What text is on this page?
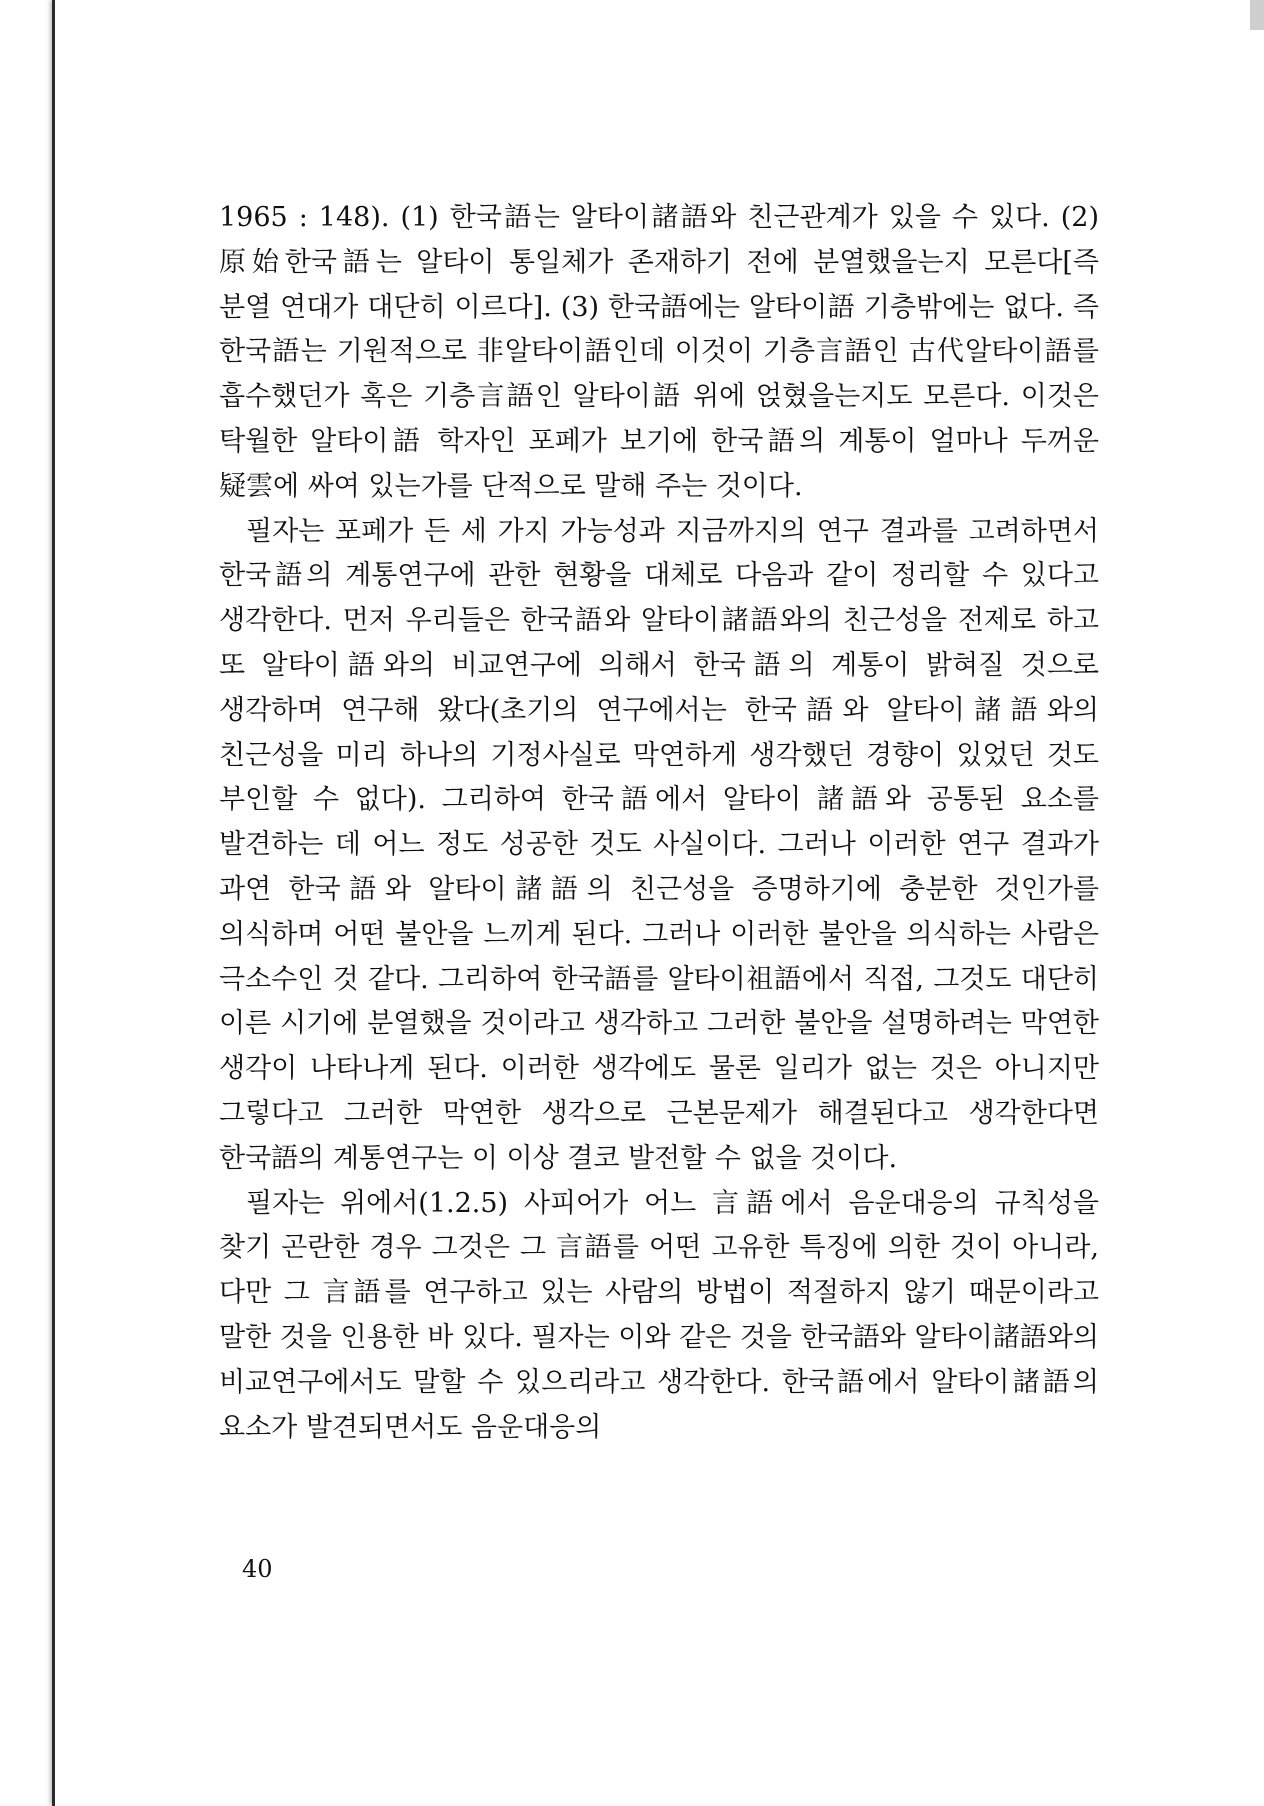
1965 : 148). (1) 한국語는 알타이諸語와 친근관계가 있을 수 있다. (2) 原始한국語는 알타이 통일체가 존재하기 전에 분열했을는지 모른다[즉 분열 연대가 대단히 이르다]. (3) 한국語에는 알타이語 기층밖에는 없다. 즉 한국語는 기원적으로 非알타이語인데 이것이 기층言語인 古代알타이語를 흡수했던가 혹은 기층言語인 알타이語 위에 얹혔을는지도 모른다. 이것은 탁월한 알타이語 학자인 포페가 보기에 한국語의 계통이 얼마나 두꺼운 疑雲에 싸여 있는가를 단적으로 말해 주는 것이다.

필자는 포페가 든 세 가지 가능성과 지금까지의 연구 결과를 고려하면서 한국語의 계통연구에 관한 현황을 대체로 다음과 같이 정리할 수 있다고 생각한다. 먼저 우리들은 한국語와 알타이諸語와의 친근성을 전제로 하고 또 알타이語와의 비교연구에 의해서 한국語의 계통이 밝혀질 것으로 생각하며 연구해 왔다(초기의 연구에서는 한국語와 알타이諸語와의 친근성을 미리 하나의 기정사실로 막연하게 생각했던 경향이 있었던 것도 부인할 수 없다). 그리하여 한국語에서 알타이 諸語와 공통된 요소를 발견하는 데 어느 정도 성공한 것도 사실이다. 그러나 이러한 연구 결과가 과연 한국語와 알타이諸語의 친근성을 증명하기에 충분한 것인가를 의식하며 어떤 불안을 느끼게 된다. 그러나 이러한 불안을 의식하는 사람은 극소수인 것 같다. 그리하여 한국語를 알타이祖語에서 직접, 그것도 대단히 이른 시기에 분열했을 것이라고 생각하고 그러한 불안을 설명하려는 막연한 생각이 나타나게 된다. 이러한 생각에도 물론 일리가 없는 것은 아니지만 그렇다고 그러한 막연한 생각으로 근본문제가 해결된다고 생각한다면 한국語의 계통연구는 이 이상 결코 발전할 수 없을 것이다.

필자는 위에서(1.2.5) 사피어가 어느 言語에서 음운대응의 규칙성을 찾기 곤란한 경우 그것은 그 言語를 어떤 고유한 특징에 의한 것이 아니라, 다만 그 言語를 연구하고 있는 사람의 방법이 적절하지 않기 때문이라고 말한 것을 인용한 바 있다. 필자는 이와 같은 것을 한국語와 알타이諸語와의 비교연구에서도 말할 수 있으리라고 생각한다. 한국語에서 알타이諸語의 요소가 발견되면서도 음운대응의

40
